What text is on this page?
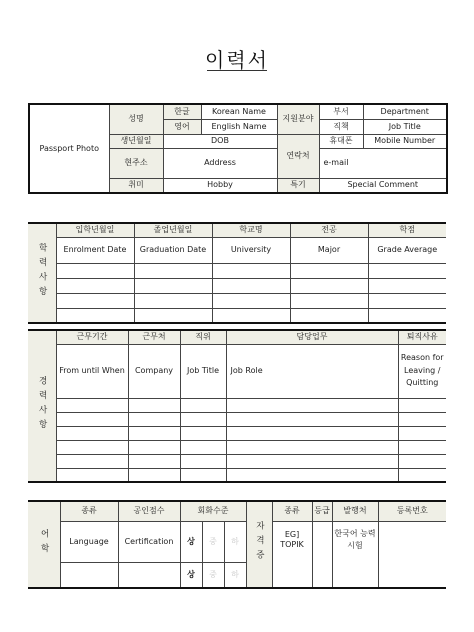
이력서
Passport Photo	성명	한글	Korean Name	지원분야	부서	Department
		영어	English Name		직책	Job Title
	생년월일	DOB		연락처	휴대폰	Mobile Number
	현주소	Address			e-mail	

	취미	Hobby		특기	Special Comment	
학력사항	입학년월일	졸업년월일	학교명	전공	학점
	Enrolment Date	Graduation Date	University	Major	Grade Average

경력사항	근무기간	근무처	직위	담당업무	퇴직사유
	From until When	Company	Job Title	Job Role	Reason for Leaving / Quitting

어학	종류	공인점수	회화수준			자격증	종류	등급	발행처	등록번호
	Language	Certification	상	중	하		EG] TOPIK		한국어 능력 시험	
			상	중	하					
